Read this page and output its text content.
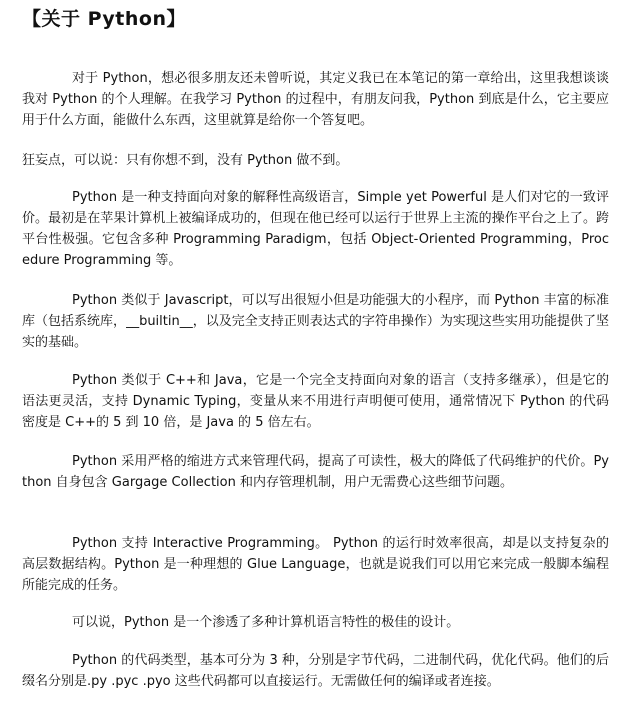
【关于 Python】

对于 Python，想必很多朋友还未曾听说，其定义我已在本笔记的第一章给出，这里我想谈谈我对 Python 的个人理解。在我学习 Python 的过程中，有朋友问我，Python 到底是什么，它主要应用于什么方面，能做什么东西，这里就算是给你一个答复吧。

狂妄点，可以说：只有你想不到，没有 Python 做不到。

Python 是一种支持面向对象的解释性高级语言，Simple yet Powerful 是人们对它的一致评价。最初是在苹果计算机上被编译成功的，但现在他已经可以运行于世界上主流的操作平台之上了。跨平台性极强。它包含多种 Programming Paradigm，包括 Object-Oriented Programming，Procedure Programming 等。

Python 类似于 Javascript，可以写出很短小但是功能强大的小程序，而 Python 丰富的标准库（包括系统库，__builtin__，以及完全支持正则表达式的字符串操作）为实现这些实用功能提供了坚实的基础。

Python 类似于 C++和 Java，它是一个完全支持面向对象的语言（支持多继承），但是它的语法更灵活，支持 Dynamic Typing，变量从来不用进行声明便可使用，通常情况下 Python 的代码密度是 C++的 5 到 10 倍，是 Java 的 5 倍左右。

Python 采用严格的缩进方式来管理代码，提高了可读性，极大的降低了代码维护的代价。Python 自身包含 Gargage Collection 和内存管理机制，用户无需费心这些细节问题。

Python 支持 Interactive Programming。 Python 的运行时效率很高，却是以支持复杂的高层数据结构。Python 是一种理想的 Glue Language，也就是说我们可以用它来完成一般脚本编程所能完成的任务。

可以说，Python 是一个渗透了多种计算机语言特性的极佳的设计。

Python 的代码类型，基本可分为 3 种，分别是字节代码，二进制代码，优化代码。他们的后缀名分别是.py .pyc .pyo 这些代码都可以直接运行。无需做任何的编译或者连接。
